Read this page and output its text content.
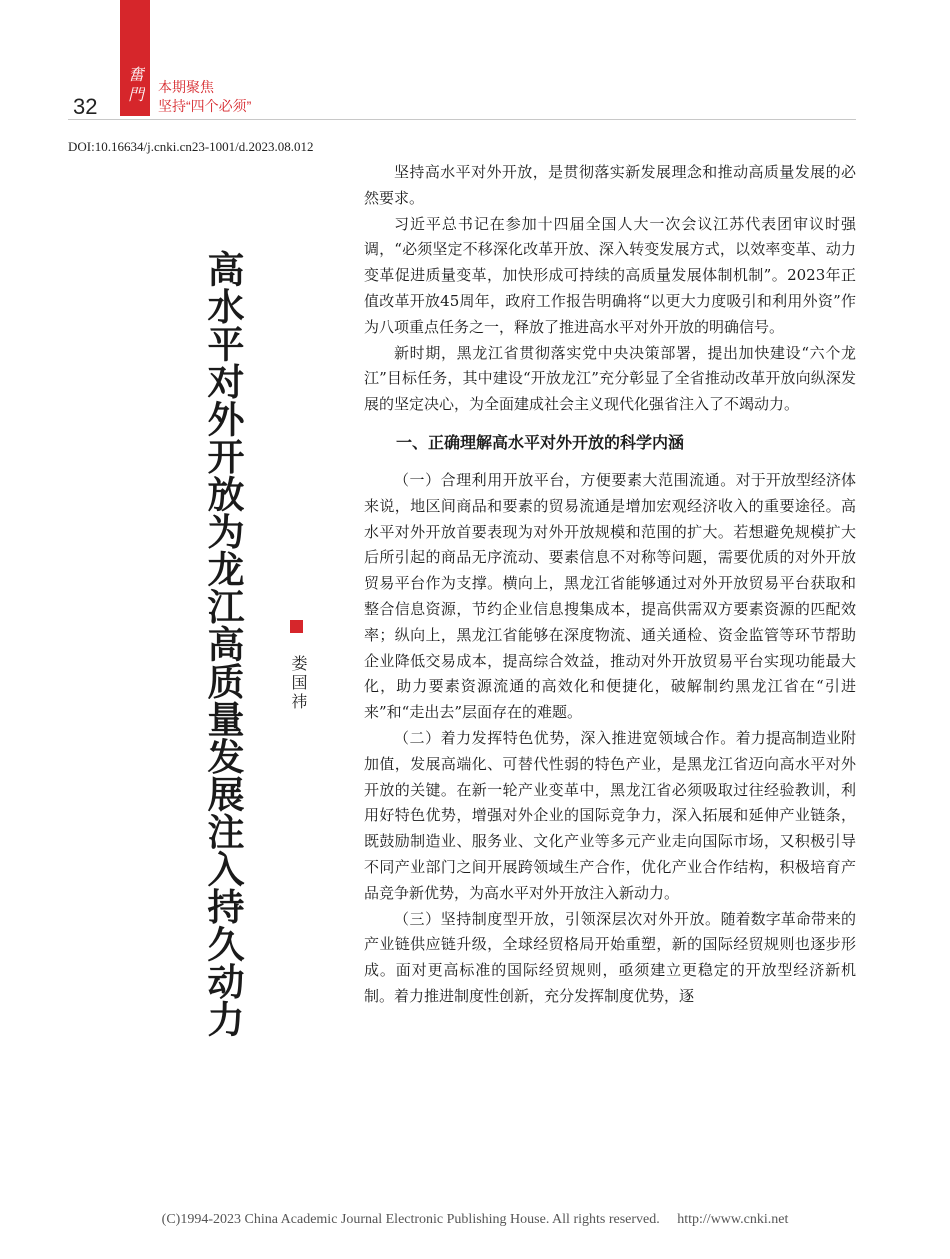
奮門
32
本期聚焦
坚持“四个必须”
DOI:10.16634/j.cnki.cn23-1001/d.2023.08.012
高水平对外开放为龙江高质量发展注入持久动力	娄国祎

坚持高水平对外开放，是贯彻落实新发展理念和推动高质量发展的必然要求。

习近平总书记在参加十四届全国人大一次会议江苏代表团审议时强调，“必须坚定不移深化改革开放、深入转变发展方式，以效率变革、动力变革促进质量变革，加快形成可持续的高质量发展体制机制”。2023年正值改革开放45周年，政府工作报告明确将“以更大力度吸引和利用外资”作为八项重点任务之一，释放了推进高水平对外开放的明确信号。

新时期，黑龙江省贯彻落实党中央决策部署，提出加快建设“六个龙江”目标任务，其中建设“开放龙江”充分彰显了全省推动改革开放向纵深发展的坚定决心，为全面建成社会主义现代化强省注入了不竭动力。

一、正确理解高水平对外开放的科学内涵

（一）合理利用开放平台，方便要素大范围流通。对于开放型经济体来说，地区间商品和要素的贸易流通是增加宏观经济收入的重要途径。高水平对外开放首要表现为对外开放规模和范围的扩大。若想避免规模扩大后所引起的商品无序流动、要素信息不对称等问题，需要优质的对外开放贸易平台作为支撑。横向上，黑龙江省能够通过对外开放贸易平台获取和整合信息资源，节约企业信息搜集成本，提高供需双方要素资源的匹配效率；纵向上，黑龙江省能够在深度物流、通关通检、资金监管等环节帮助企业降低交易成本，提高综合效益，推动对外开放贸易平台实现功能最大化，助力要素资源流通的高效化和便捷化，破解制约黑龙江省在“引进来”和“走出去”层面存在的难题。

（二）着力发挥特色优势，深入推进宽领域合作。着力提高制造业附加值，发展高端化、可替代性弱的特色产业，是黑龙江省迈向高水平对外开放的关键。在新一轮产业变革中，黑龙江省必须吸取过往经验教训，利用好特色优势，增强对外企业的国际竞争力，深入拓展和延伸产业链条，既鼓励制造业、服务业、文化产业等多元产业走向国际市场，又积极引导不同产业部门之间开展跨领域生产合作，优化产业合作结构，积极培育产品竞争新优势，为高水平对外开放注入新动力。

（三）坚持制度型开放，引领深层次对外开放。随着数字革命带来的产业链供应链升级，全球经贸格局开始重塑，新的国际经贸规则也逐步形成。面对更高标准的国际经贸规则，亟须建立更稳定的开放型经济新机制。着力推进制度性创新，充分发挥制度优势，逐

(C)1994-2023 China Academic Journal Electronic Publishing House. All rights reserved. http://www.cnki.net
